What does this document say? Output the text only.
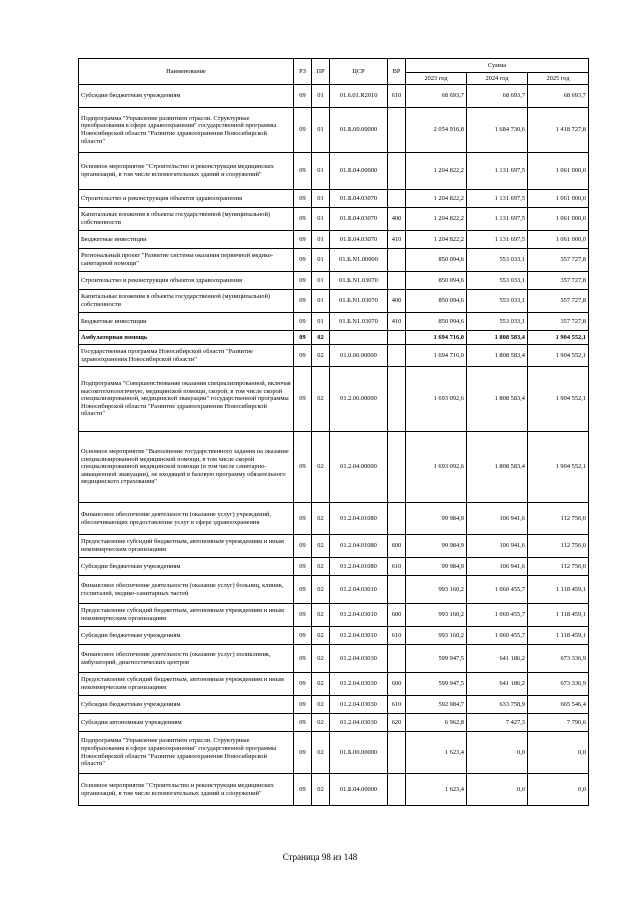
Наименование	РЗ	ПР	ЦСР	ВР	Сумма		
					2023 год	2024 год	2025 год
Субсидии бюджетным учреждениям	09	01	01.6.01.R2010	610	68 693,7	68 693,7	68 693,7
Подпрограмма "Управление развитием отрасли. Структурные преобразования в сфере здравоохранения" государственной программы Новосибирской области "Развитие здравоохранения Новосибирской области"	09	01	01.Б.00.00000		2 054 916,8	1 684 730,6	1 418 727,8
Основное мероприятие "Строительство и реконструкция медицинских организаций, в том числе вспомогательных зданий и сооружений"	09	01	01.Б.04.00000		1 204 822,2	1 131 697,5	1 061 000,0
Строительство и реконструкция объектов здравоохранения	09	01	01.Б.04.03070		1 204 822,2	1 131 697,5	1 061 000,0
Капитальные вложения в объекты государственной (муниципальной) собственности	09	01	01.Б.04.03070	400	1 204 822,2	1 131 697,5	1 061 000,0
Бюджетные инвестиции	09	01	01.Б.04.03070	410	1 204 822,2	1 131 697,5	1 061 000,0
Региональный проект "Развитие системы оказания первичной медико-санитарной помощи"	09	01	01.Б.N1.00000		850 094,6	553 033,1	357 727,8
Строительство и реконструкция объектов здравоохранения	09	01	01.Б.N1.03070		850 094,6	553 033,1	357 727,8
Капитальные вложения в объекты государственной (муниципальной) собственности	09	01	01.Б.N1.03070	400	850 094,6	553 033,1	357 727,8
Бюджетные инвестиции	09	01	01.Б.N1.03070	410	850 094,6	553 033,1	357 727,8
Амбулаторная помощь	09	02			1 694 716,0	1 808 583,4	1 904 552,1
Государственная программа Новосибирской области "Развитие здравоохранения Новосибирской области"	09	02	01.0.00.00000		1 694 716,0	1 808 583,4	1 904 552,1
Подпрограмма "Совершенствование оказания специализированной, включая высокотехнологичную, медицинской помощи, скорой, в том числе скорой специализированной, медицинской эвакуации" государственной программы Новосибирской области "Развитие здравоохранения Новосибирской области"	09	02	01.2.00.00000		1 693 092,6	1 808 583,4	1 904 552,1
Основное мероприятие "Выполнение государственного задания на оказание специализированной медицинской помощи, в том числе скорой специализированной медицинской помощи (в том числе санитарно-авиационной эвакуации), не входящей в базовую программу обязательного медицинского страхования"	09	02	01.2.04.00000		1 693 092,6	1 808 583,4	1 904 552,1
Финансовое обеспечение деятельности (оказание услуг) учреждений, обеспечивающих предоставление услуг в сфере здравоохранения	09	02	01.2.04.01080		99 984,9	106 941,6	112 756,0
Предоставление субсидий бюджетным, автономным учреждениям и иным некоммерческим организациям	09	02	01.2.04.01080	600	99 984,9	106 941,6	112 756,0
Субсидии бюджетным учреждениям	09	02	01.2.04.01080	610	99 984,9	106 941,6	112 756,0
Финансовое обеспечение деятельности (оказание услуг) больниц, клиник, госпиталей, медико-санитарных частей	09	02	01.2.04.03010		993 160,2	1 060 455,7	1 118 459,1
Предоставление субсидий бюджетным, автономным учреждениям и иным некоммерческим организациям	09	02	01.2.04.03010	600	993 160,2	1 060 455,7	1 118 459,1
Субсидии бюджетным учреждениям	09	02	01.2.04.03010	610	993 160,2	1 060 455,7	1 118 459,1
Финансовое обеспечение деятельности (оказание услуг) поликлиник, амбулаторий, диагностических центров	09	02	01.2.04.03030		599 947,5	641 186,2	673 336,9
Предоставление субсидий бюджетным, автономным учреждениям и иным некоммерческим организациям	09	02	01.2.04.03030	600	599 947,5	641 186,2	673 336,9
Субсидии бюджетным учреждениям	09	02	01.2.04.03030	610	592 984,7	633 758,9	665 546,4
Субсидии автономным учреждениям	09	02	01.2.04.03030	620	6 962,8	7 427,3	7 790,6
Подпрограмма "Управление развитием отрасли. Структурные преобразования в сфере здравоохранения" государственной программы Новосибирской области "Развитие здравоохранения Новосибирской области"	09	02	01.Б.00.00000		1 623,4	0,0	0,0
Основное мероприятие "Строительство и реконструкция медицинских организаций, в том числе вспомогательных зданий и сооружений"	09	02	01.Б.04.00000		1 623,4	0,0	0,0
Страница 98 из 148
